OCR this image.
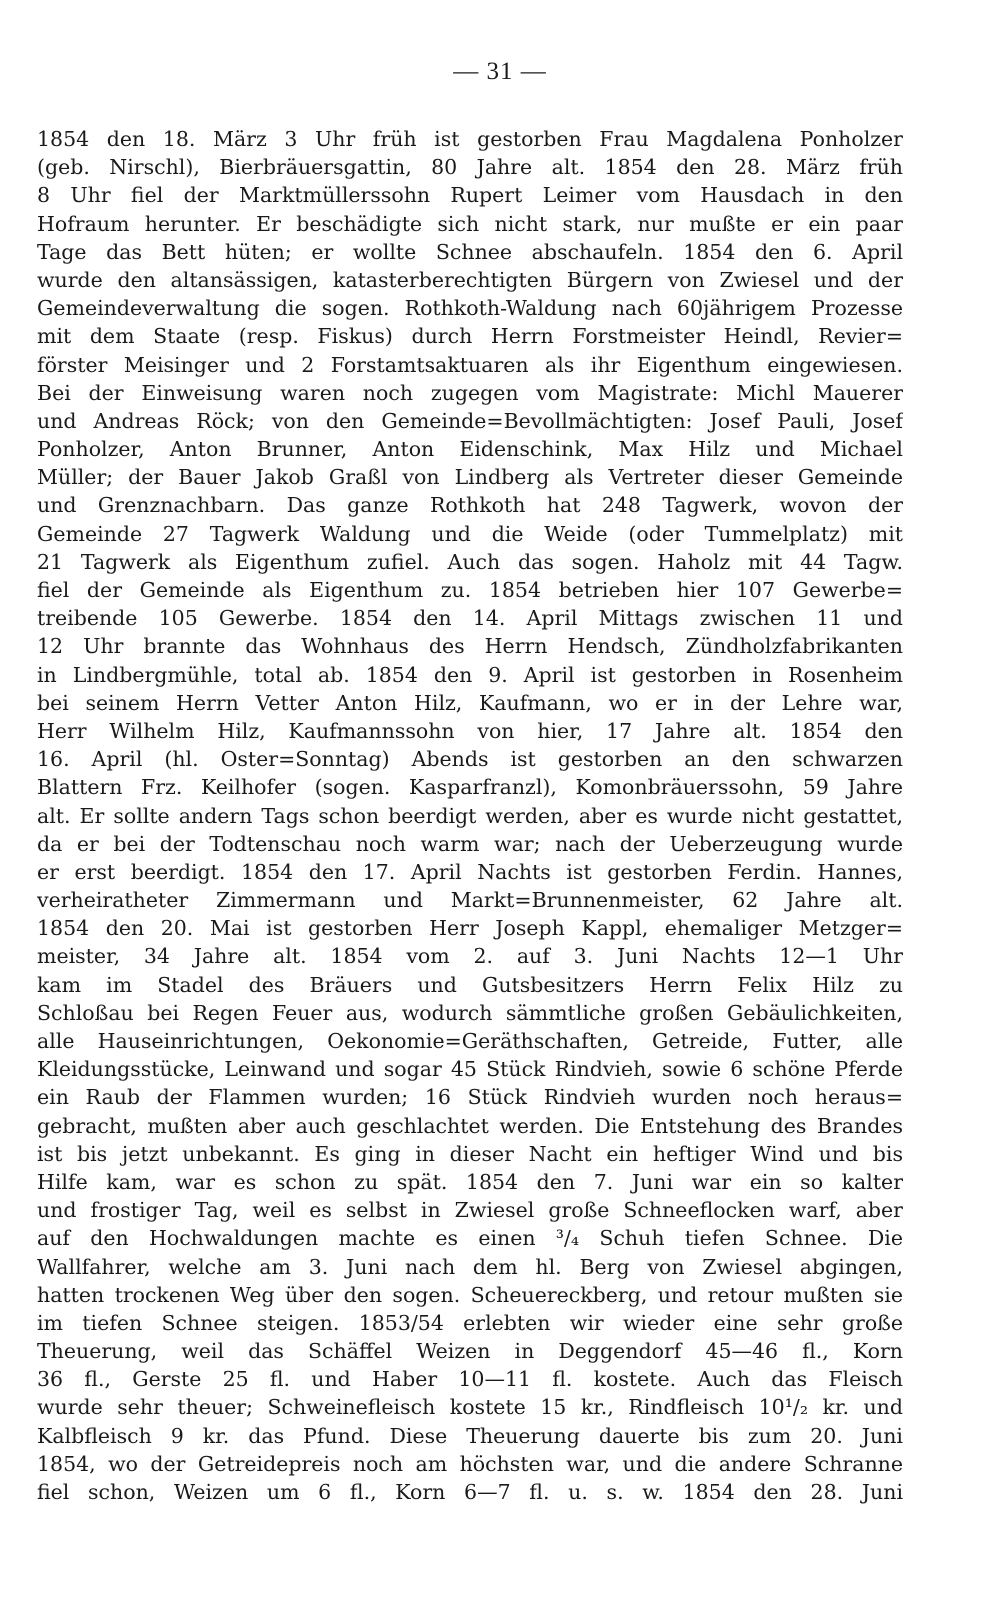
— 31 —
1854 den 18. März 3 Uhr früh ist gestorben Frau Magdalena Ponholzer
(geb. Nirschl), Bierbräuersgattin, 80 Jahre alt. 1854 den 28. März früh
8 Uhr fiel der Marktmüllerssohn Rupert Leimer vom Hausdach in den
Hofraum herunter. Er beschädigte sich nicht stark, nur mußte er ein paar
Tage das Bett hüten; er wollte Schnee abschaufeln. 1854 den 6. April
wurde den altansässigen, katasterberechtigten Bürgern von Zwiesel und der
Gemeindeverwaltung die sogen. Rothkoth-Waldung nach 60jährigem Prozesse
mit dem Staate (resp. Fiskus) durch Herrn Forstmeister Heindl, Revier=
förster Meisinger und 2 Forstamtsaktuaren als ihr Eigenthum eingewiesen.
Bei der Einweisung waren noch zugegen vom Magistrate: Michl Mauerer
und Andreas Röck; von den Gemeinde=Bevollmächtigten: Josef Pauli, Josef
Ponholzer, Anton Brunner, Anton Eidenschink, Max Hilz und Michael
Müller; der Bauer Jakob Graßl von Lindberg als Vertreter dieser Gemeinde
und Grenznachbarn. Das ganze Rothkoth hat 248 Tagwerk, wovon der
Gemeinde 27 Tagwerk Waldung und die Weide (oder Tummelplatz) mit
21 Tagwerk als Eigenthum zufiel. Auch das sogen. Haholz mit 44 Tagw.
fiel der Gemeinde als Eigenthum zu. 1854 betrieben hier 107 Gewerbe=
treibende 105 Gewerbe. 1854 den 14. April Mittags zwischen 11 und
12 Uhr brannte das Wohnhaus des Herrn Hendsch, Zündholzfabrikanten
in Lindbergmühle, total ab. 1854 den 9. April ist gestorben in Rosenheim
bei seinem Herrn Vetter Anton Hilz, Kaufmann, wo er in der Lehre war,
Herr Wilhelm Hilz, Kaufmannssohn von hier, 17 Jahre alt. 1854 den
16. April (hl. Oster=Sonntag) Abends ist gestorben an den schwarzen
Blattern Frz. Keilhofer (sogen. Kasparfranzl), Komonbräuerssohn, 59 Jahre
alt. Er sollte andern Tags schon beerdigt werden, aber es wurde nicht gestattet,
da er bei der Todtenschau noch warm war; nach der Ueberzeugung wurde
er erst beerdigt. 1854 den 17. April Nachts ist gestorben Ferdin. Hannes,
verheiratheter Zimmermann und Markt=Brunnenmeister, 62 Jahre alt.
1854 den 20. Mai ist gestorben Herr Joseph Kappl, ehemaliger Metzger=
meister, 34 Jahre alt. 1854 vom 2. auf 3. Juni Nachts 12—1 Uhr
kam im Stadel des Bräuers und Gutsbesitzers Herrn Felix Hilz zu
Schloßau bei Regen Feuer aus, wodurch sämmtliche großen Gebäulichkeiten,
alle Hauseinrichtungen, Oekonomie=Geräthschaften, Getreide, Futter, alle
Kleidungsstücke, Leinwand und sogar 45 Stück Rindvieh, sowie 6 schöne Pferde
ein Raub der Flammen wurden; 16 Stück Rindvieh wurden noch heraus=
gebracht, mußten aber auch geschlachtet werden. Die Entstehung des Brandes
ist bis jetzt unbekannt. Es ging in dieser Nacht ein heftiger Wind und bis
Hilfe kam, war es schon zu spät. 1854 den 7. Juni war ein so kalter
und frostiger Tag, weil es selbst in Zwiesel große Schneeflocken warf, aber
auf den Hochwaldungen machte es einen ³/₄ Schuh tiefen Schnee. Die
Wallfahrer, welche am 3. Juni nach dem hl. Berg von Zwiesel abgingen,
hatten trockenen Weg über den sogen. Scheuereckberg, und retour mußten sie
im tiefen Schnee steigen. 1853/54 erlebten wir wieder eine sehr große
Theuerung, weil das Schäffel Weizen in Deggendorf 45—46 fl., Korn
36 fl., Gerste 25 fl. und Haber 10—11 fl. kostete. Auch das Fleisch
wurde sehr theuer; Schweinefleisch kostete 15 kr., Rindfleisch 10¹/₂ kr. und
Kalbfleisch 9 kr. das Pfund. Diese Theuerung dauerte bis zum 20. Juni
1854, wo der Getreidepreis noch am höchsten war, und die andere Schranne
fiel schon, Weizen um 6 fl., Korn 6—7 fl. u. s. w. 1854 den 28. Juni
